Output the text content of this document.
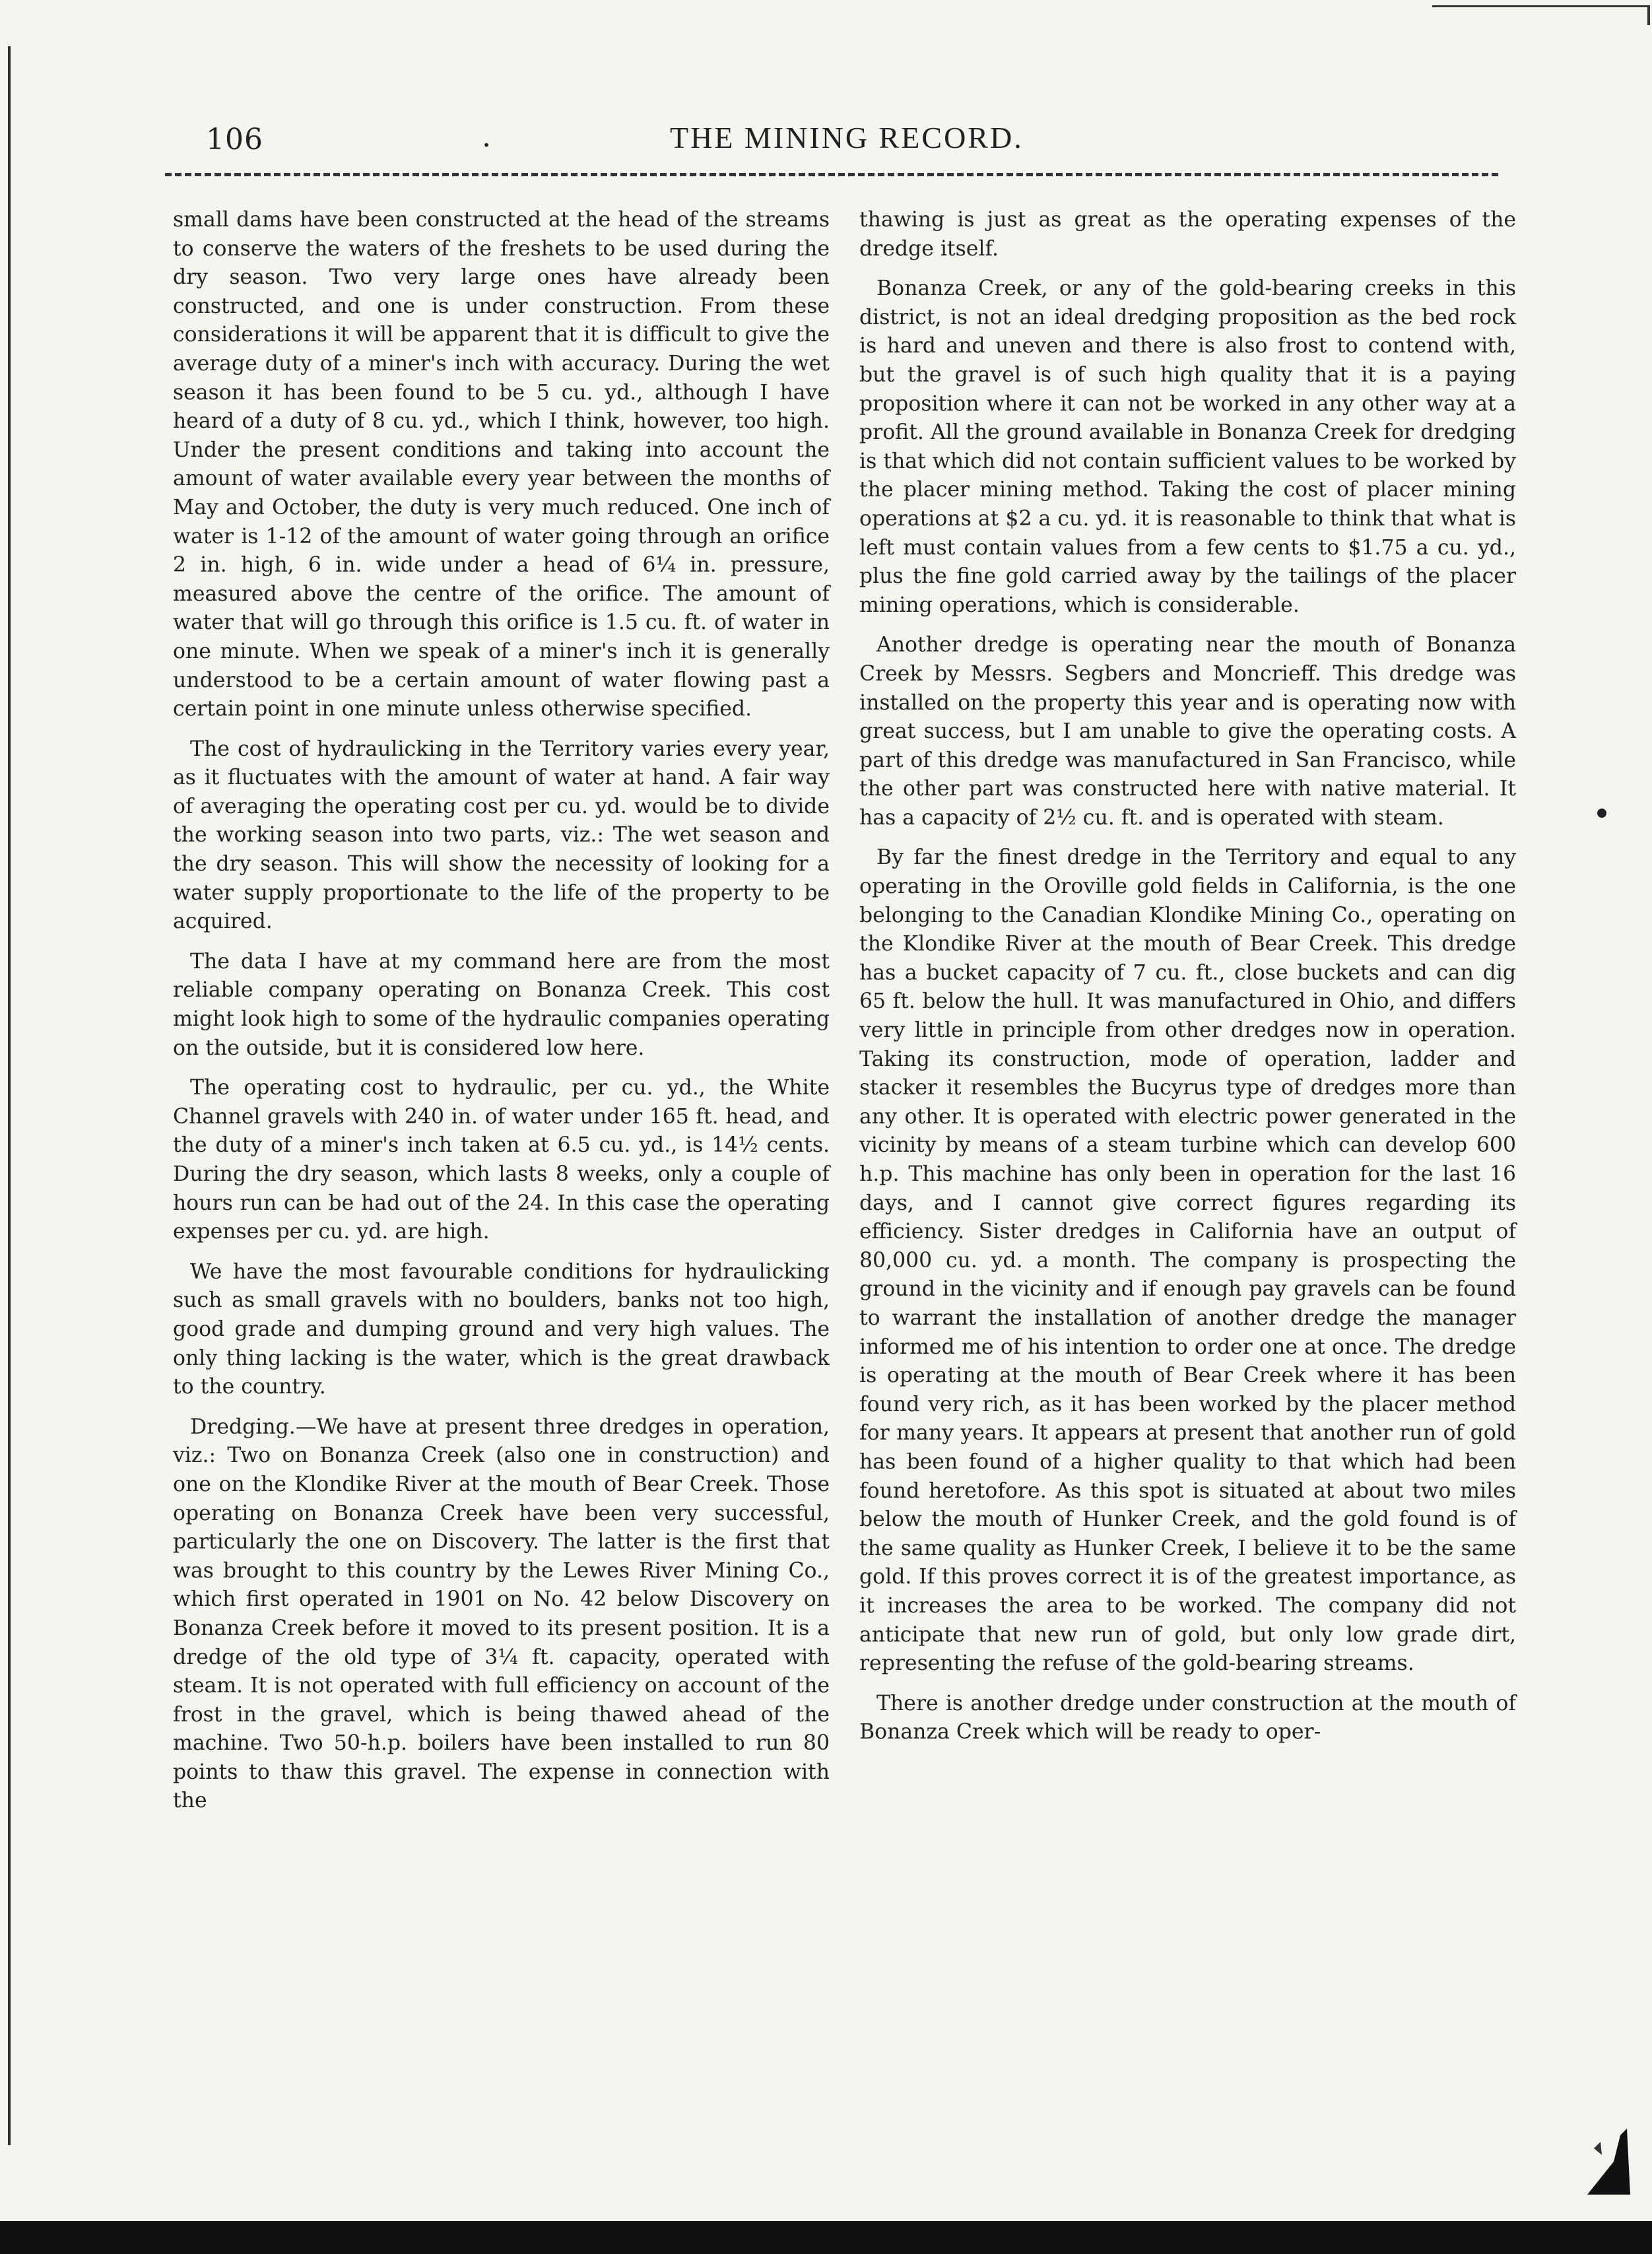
106	.	THE MINING RECORD.

small dams have been constructed at the head of the streams to conserve the waters of the freshets to be used during the dry season. Two very large ones have already been constructed, and one is under construction. From these considerations it will be apparent that it is difficult to give the average duty of a miner's inch with accuracy. During the wet season it has been found to be 5 cu. yd., although I have heard of a duty of 8 cu. yd., which I think, however, too high. Under the present conditions and taking into account the amount of water available every year between the months of May and October, the duty is very much reduced. One inch of water is 1-12 of the amount of water going through an orifice 2 in. high, 6 in. wide under a head of 6¼ in. pressure, measured above the centre of the orifice. The amount of water that will go through this orifice is 1.5 cu. ft. of water in one minute. When we speak of a miner's inch it is generally understood to be a certain amount of water flowing past a certain point in one minute unless otherwise specified.

The cost of hydraulicking in the Territory varies every year, as it fluctuates with the amount of water at hand. A fair way of averaging the operating cost per cu. yd. would be to divide the working season into two parts, viz.: The wet season and the dry season. This will show the necessity of looking for a water supply proportionate to the life of the property to be acquired.

The data I have at my command here are from the most reliable company operating on Bonanza Creek. This cost might look high to some of the hydraulic companies operating on the outside, but it is considered low here.

The operating cost to hydraulic, per cu. yd., the White Channel gravels with 240 in. of water under 165 ft. head, and the duty of a miner's inch taken at 6.5 cu. yd., is 14½ cents. During the dry season, which lasts 8 weeks, only a couple of hours run can be had out of the 24. In this case the operating expenses per cu. yd. are high.

We have the most favourable conditions for hydraulicking such as small gravels with no boulders, banks not too high, good grade and dumping ground and very high values. The only thing lacking is the water, which is the great drawback to the country.

Dredging.—We have at present three dredges in operation, viz.: Two on Bonanza Creek (also one in construction) and one on the Klondike River at the mouth of Bear Creek. Those operating on Bonanza Creek have been very successful, particularly the one on Discovery. The latter is the first that was brought to this country by the Lewes River Mining Co., which first operated in 1901 on No. 42 below Discovery on Bonanza Creek before it moved to its present position. It is a dredge of the old type of 3¼ ft. capacity, operated with steam. It is not operated with full efficiency on account of the frost in the gravel, which is being thawed ahead of the machine. Two 50-h.p. boilers have been installed to run 80 points to thaw this gravel. The expense in connection with the

thawing is just as great as the operating expenses of the dredge itself.

Bonanza Creek, or any of the gold-bearing creeks in this district, is not an ideal dredging proposition as the bed rock is hard and uneven and there is also frost to contend with, but the gravel is of such high quality that it is a paying proposition where it can not be worked in any other way at a profit. All the ground available in Bonanza Creek for dredging is that which did not contain sufficient values to be worked by the placer mining method. Taking the cost of placer mining operations at $2 a cu. yd. it is reasonable to think that what is left must contain values from a few cents to $1.75 a cu. yd., plus the fine gold carried away by the tailings of the placer mining operations, which is considerable.

Another dredge is operating near the mouth of Bonanza Creek by Messrs. Segbers and Moncrieff. This dredge was installed on the property this year and is operating now with great success, but I am unable to give the operating costs. A part of this dredge was manufactured in San Francisco, while the other part was constructed here with native material. It has a capacity of 2½ cu. ft. and is operated with steam.

By far the finest dredge in the Territory and equal to any operating in the Oroville gold fields in California, is the one belonging to the Canadian Klondike Mining Co., operating on the Klondike River at the mouth of Bear Creek. This dredge has a bucket capacity of 7 cu. ft., close buckets and can dig 65 ft. below the hull. It was manufactured in Ohio, and differs very little in principle from other dredges now in operation. Taking its construction, mode of operation, ladder and stacker it resembles the Bucyrus type of dredges more than any other. It is operated with electric power generated in the vicinity by means of a steam turbine which can develop 600 h.p. This machine has only been in operation for the last 16 days, and I cannot give correct figures regarding its efficiency. Sister dredges in California have an output of 80,000 cu. yd. a month. The company is prospecting the ground in the vicinity and if enough pay gravels can be found to warrant the installation of another dredge the manager informed me of his intention to order one at once. The dredge is operating at the mouth of Bear Creek where it has been found very rich, as it has been worked by the placer method for many years. It appears at present that another run of gold has been found of a higher quality to that which had been found heretofore. As this spot is situated at about two miles below the mouth of Hunker Creek, and the gold found is of the same quality as Hunker Creek, I believe it to be the same gold. If this proves correct it is of the greatest importance, as it increases the area to be worked. The company did not anticipate that new run of gold, but only low grade dirt, representing the refuse of the gold-bearing streams.

There is another dredge under construction at the mouth of Bonanza Creek which will be ready to oper-
